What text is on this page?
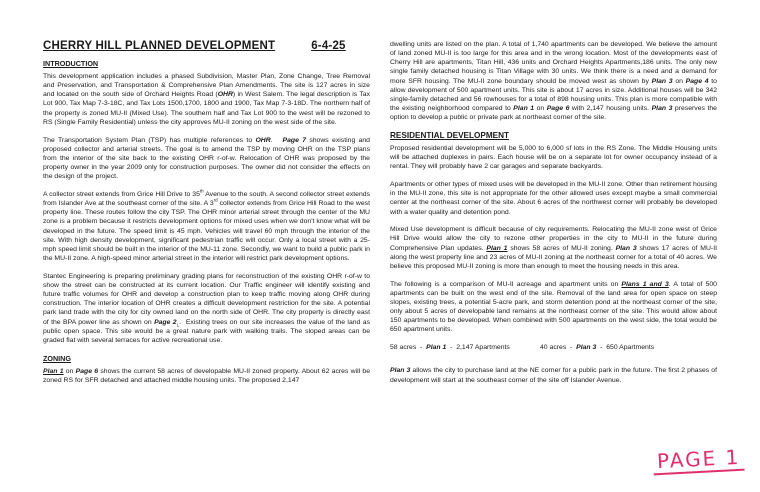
CHERRY HILL PLANNED DEVELOPMENT	6-4-25
INTRODUCTION

This development application includes a phased Subdivision, Master Plan, Zone Change, Tree Removal and Preservation, and Transportation & Comprehensive Plan Amendments. The site is 127 acres in size and located on the south side of Orchard Heights Road (OHR) in West Salem. The legal description is Tax Lot 900, Tax Map 7-3-18C, and Tax Lots 1500,1700, 1800 and 1900, Tax Map 7-3-18D. The northern half of the property is zoned MU-II (Mixed Use). The southern half and Tax Lot 900 to the west will be rezoned to RS (Single Family Residential) unless the city approves MU-II zoning on the west side of the site.

The Transportation System Plan (TSP) has multiple references to OHR.   Page 7 shows existing and proposed collector and arterial streets. The goal is to amend the TSP by moving OHR on the TSP plans from the interior of the site back to the existing OHR r-of-w. Relocation of OHR was proposed by the property owner in the year 2009 only for construction purposes. The owner did not consider the effects on the design of the project.

A collector street extends from Grice Hill Drive to 35th Avenue to the south. A second collector street extends from Islander Ave at the southeast corner of the site. A 3rd collector extends from Grice Hill Road to the west property line. These routes follow the city TSP. The OHR minor arterial street through the center of the MU zone is a problem because it restricts development options for mixed uses when we don't know what will be developed in the future. The speed limit is 45 mph. Vehicles will travel 60 mph through the interior of the site. With high density development, significant pedestrian traffic will occur. Only a local street with a 25-mph speed limit should be built in the interior of the MU-11 zone. Secondly, we want to build a public park in the MU-II zone. A high-speed minor arterial street in the interior will restrict park development options.

Stantec Engineering is preparing preliminary grading plans for reconstruction of the existing OHR r-of-w to show the street can be constructed at its current location. Our Traffic engineer will identify existing and future traffic volumes for OHR and develop a construction plan to keep traffic moving along OHR during construction. The interior location of OHR creates a difficult development restriction for the site. A potential park land trade with the city for city owned land on the north side of OHR. The city property is directly east of the BPA power line as shown on Page $2_L$.  Existing trees on our site increases the value of the land as public open space. This site would be a great nature park with walking trails. The sloped areas can be graded flat with several terraces for active recreational use.

ZONING

Plan 1 on Page 6 shows the current 58 acres of developable MU-II zoned property. About 62 acres will be zoned RS for SFR detached and attached middle housing units. The proposed 2,147

dwelling units are listed on the plan. A total of 1,740 apartments can be developed. We believe the amount of land zoned MU-II is too large for this area and in the wrong location. Most of the developments east of Cherry Hill are apartments, Titan Hill, 436 units and Orchard Heights Apartments,186 units. The only new single family detached housing is Titan Village with 30 units. We think there is a need and a demand for more SFR housing. The MU-II zone boundary should be moved west as shown by Plan 3 on Page 4 to allow development of 500 apartment units. This site is about 17 acres in size. Additional houses will be 342 single-family detached and 56 rowhouses for a total of 898 housing units. This plan is more compatible with the existing neighborhood compared to Plan 1 on Page 6 with 2,147 housing units. Plan 3 preserves the option to develop a public or private park at northeast corner of the site.

RESIDENTIAL DEVELOPMENT

Proposed residential development will be 5,000 to 6,000 sf lots in the RS Zone. The Middle Housing units will be attached duplexes in pairs. Each house will be on a separate lot for owner occupancy instead of a rental. They will probably have 2 car garages and separate backyards.

Apartments or other types of mixed uses will be developed in the MU-II zone. Other than retirement housing in the MU-II zone, this site is not appropriate for the other allowed uses except maybe a small commercial center at the northeast corner of the site. About 6 acres of the northwest corner will probably be developed with a water quality and detention pond.

Mixed Use development is difficult because of city requirements. Relocating the MU-II zone west of Grice Hill Drive would allow the city to rezone other properties in the city to MU-II in the future during Comprehensive Plan updates. Plan 1 shows 58 acres of MU-II zoning. Plan 3 shows 17 acres of MU-II along the west property line and 23 acres of MU-II zoning at the northeast corner for a total of 40 acres. We believe this proposed MU-II zoning is more than enough to meet the housing needs in this area.

The following is a comparison of MU-II acreage and apartment units on Plans 1 and 3. A total of 500 apartments can be built on the west end of the site. Removal of the land area for open space on steep slopes, existing trees, a potential 5-acre park, and storm detention pond at the northeast corner of the site, only about 5 acres of developable land remains at the northeast corner of the site. This would allow about 150 apartments to be developed. When combined with 500 apartments on the west side, the total would be 650 apartment units.

58 acres  -  Plan 1  -  2,147 Apartments	40 acres  -  Plan 3  -  650 Apartments

Plan 3 allows the city to purchase land at the NE corner for a public park in the future. The first 2 phases of development will start at the southeast corner of the site off Islander Avenue.

PAGE 1
